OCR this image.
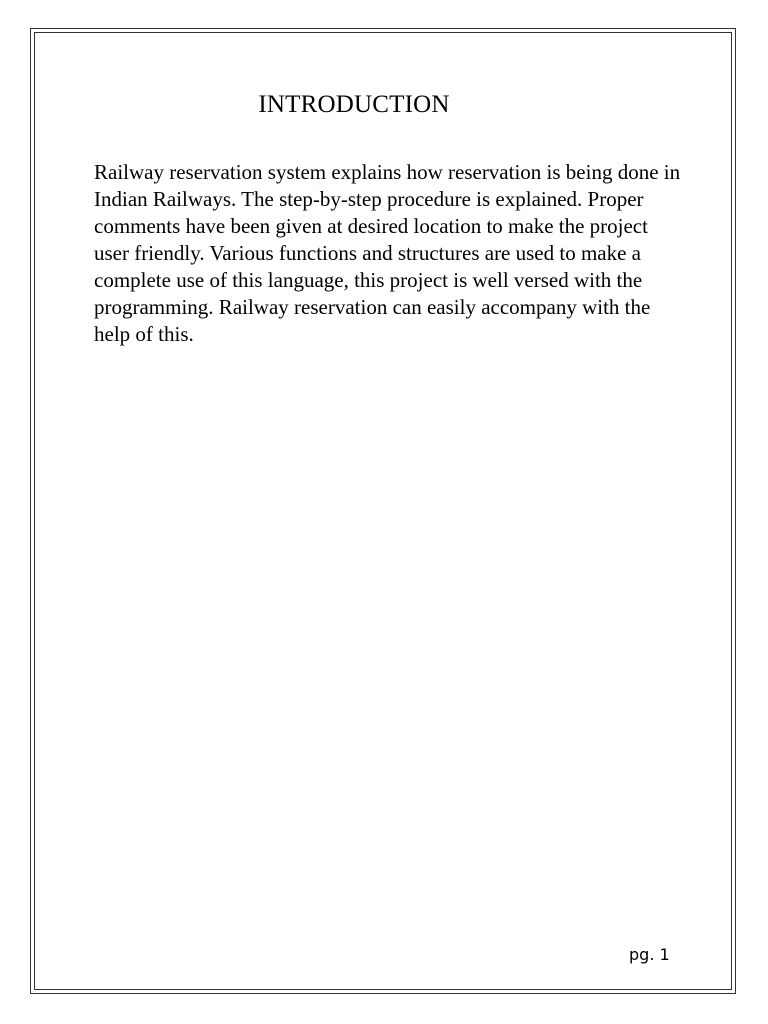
INTRODUCTION
Railway reservation system explains how reservation is being done in Indian Railways. The step-by-step procedure is explained. Proper comments have been given at desired location to make the project user friendly. Various functions and structures are used to make a complete use of this language, this project is well versed with the programming. Railway reservation can easily accompany with the help of this.
pg. 1
